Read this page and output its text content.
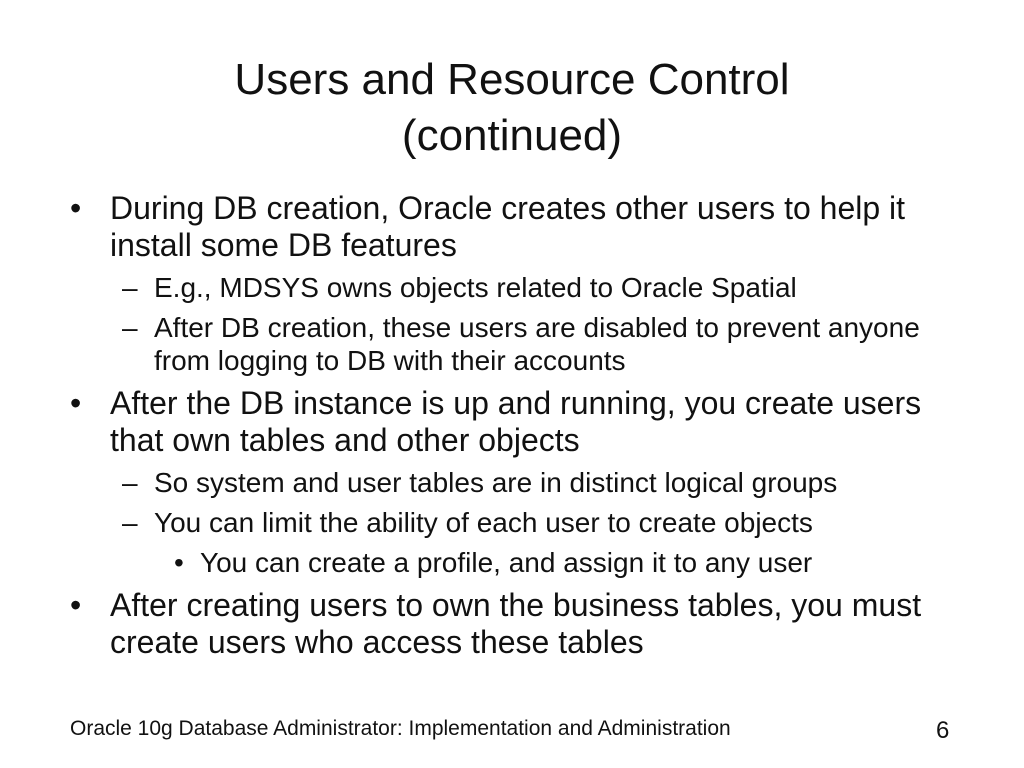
Users and Resource Control
(continued)
• During DB creation, Oracle creates other users to help it install some DB features
– E.g., MDSYS owns objects related to Oracle Spatial
– After DB creation, these users are disabled to prevent anyone from logging to DB with their accounts
• After the DB instance is up and running, you create users that own tables and other objects
– So system and user tables are in distinct logical groups
– You can limit the ability of each user to create objects
• You can create a profile, and assign it to any user
• After creating users to own the business tables, you must create users who access these tables
Oracle 10g Database Administrator: Implementation and Administration	6
